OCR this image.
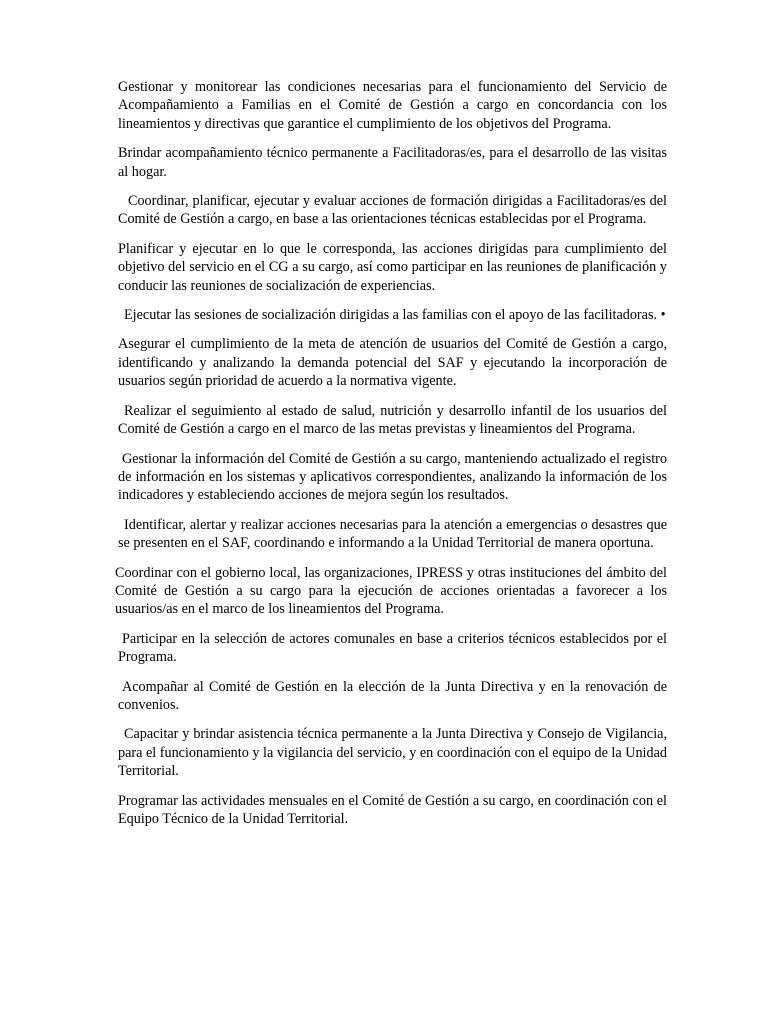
Gestionar y monitorear las condiciones necesarias para el funcionamiento del Servicio de Acompañamiento a Familias en el Comité de Gestión a cargo en concordancia con los lineamientos y directivas que garantice el cumplimiento de los objetivos del Programa.

Brindar acompañamiento técnico permanente a Facilitadoras/es, para el desarrollo de las visitas al hogar.

Coordinar, planificar, ejecutar y evaluar acciones de formación dirigidas a Facilitadoras/es del Comité de Gestión a cargo, en base a las orientaciones técnicas establecidas por el Programa.

Planificar y ejecutar en lo que le corresponda, las acciones dirigidas para cumplimiento del objetivo del servicio en el CG a su cargo, así como participar en las reuniones de planificación y conducir las reuniones de socialización de experiencias.

Ejecutar las sesiones de socialización dirigidas a las familias con el apoyo de las facilitadoras. •

Asegurar el cumplimiento de la meta de atención de usuarios del Comité de Gestión a cargo, identificando y analizando la demanda potencial del SAF y ejecutando la incorporación de usuarios según prioridad de acuerdo a la normativa vigente.

Realizar el seguimiento al estado de salud, nutrición y desarrollo infantil de los usuarios del Comité de Gestión a cargo en el marco de las metas previstas y lineamientos del Programa.

Gestionar la información del Comité de Gestión a su cargo, manteniendo actualizado el registro de información en los sistemas y aplicativos correspondientes, analizando la información de los indicadores y estableciendo acciones de mejora según los resultados.

Identificar, alertar y realizar acciones necesarias para la atención a emergencias o desastres que se presenten en el SAF, coordinando e informando a la Unidad Territorial de manera oportuna.

Coordinar con el gobierno local, las organizaciones, IPRESS y otras instituciones del ámbito del Comité de Gestión a su cargo para la ejecución de acciones orientadas a favorecer a los usuarios/as en el marco de los lineamientos del Programa.

Participar en la selección de actores comunales en base a criterios técnicos establecidos por el Programa.

Acompañar al Comité de Gestión en la elección de la Junta Directiva y en la renovación de convenios.

Capacitar y brindar asistencia técnica permanente a la Junta Directiva y Consejo de Vigilancia, para el funcionamiento y la vigilancia del servicio, y en coordinación con el equipo de la Unidad Territorial.

Programar las actividades mensuales en el Comité de Gestión a su cargo, en coordinación con el Equipo Técnico de la Unidad Territorial.
